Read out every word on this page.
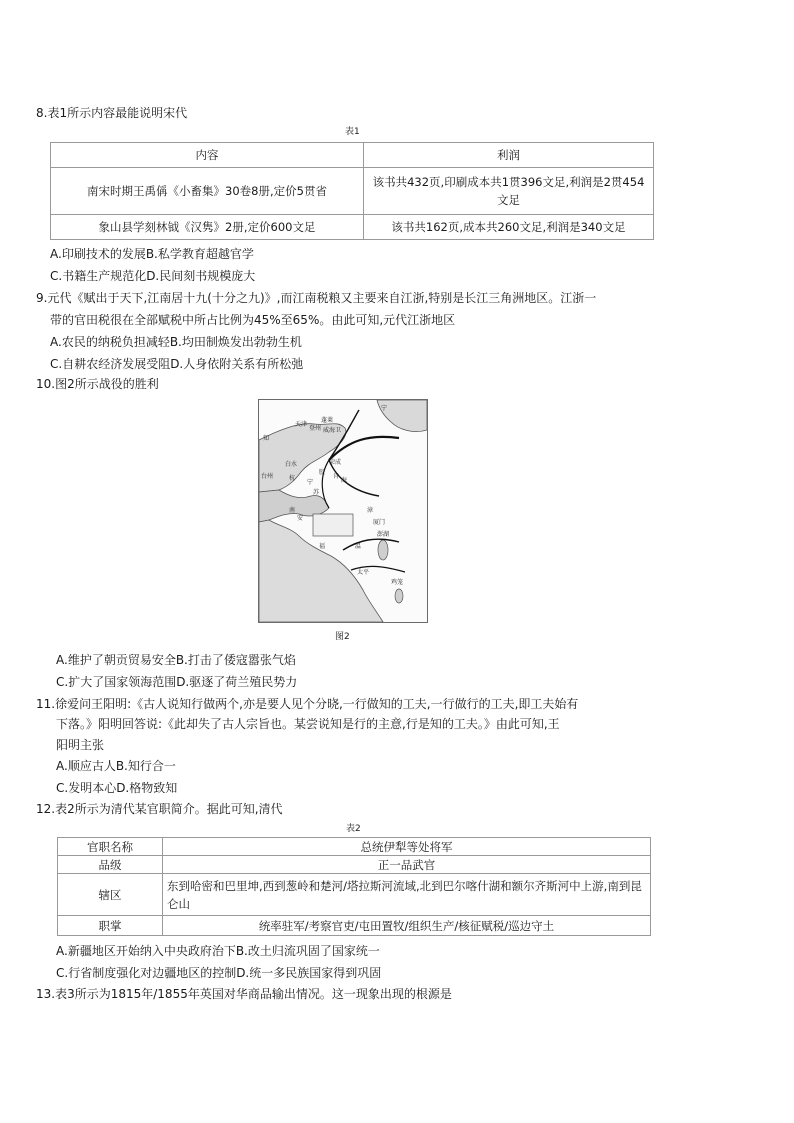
8.表1所示内容最能说明宋代
表1
内容	利润
南宋时期王禹偁《小畜集》30卷8册,定价5贯省	该书共432页,印刷成本共1贯396文足,利润是2贯454文足
象山县学刻林钺《汉隽》2册,定价600文足	该书共162页,成本共260文足,利润是340文足
A.印刷技术的发展B.私学教育超越官学
C.书籍生产规范化D.民间刻书规模庞大
9.元代《赋出于天下,江南居十九(十分之九)》,而江南税粮又主要来自江浙,特别是长江三角洲地区。江浙一
带的官田税很在全部赋税中所占比例为45%至65%。由此可知,元代江浙地区
A.农民的纳税负担减轻B.均田制焕发出勃勃生机
C.自耕农经济发展受阻D.人身依附关系有所松弛
10.图2所示战役的胜利
宁
蓬莱
登州 威海 卫
天津
知
荣成
白水
胶
肯
海
台州	杭
宁
苏
安
南
温
福
漳
厦门
澎湖
太平
鸡笼
图2
A.维护了朝贡贸易安全B.打击了倭寇嚣张气焰
C.扩大了国家领海范围D.驱逐了荷兰殖民势力
11.徐爱问王阳明:《古人说知行做两个,亦是要人见个分晓,一行做知的工夫,一行做行的工夫,即工夫始有
下落。》阳明回答说:《此却失了古人宗旨也。某尝说知是行的主意,行是知的工夫。》由此可知,王
阳明主张
A.顺应古人B.知行合一
C.发明本心D.格物致知
12.表2所示为清代某官职简介。据此可知,清代
表2
官职名称	总统伊犁等处将军
品级	正一品武官
辖区	东到哈密和巴里坤,西到葱岭和楚河/塔拉斯河流域,北到巴尔喀什湖和额尔齐斯河中上游,南到昆仑山
职掌	统率驻军/考察官吏/屯田置牧/组织生产/核征赋税/巡边守土
A.新疆地区开始纳入中央政府治下B.改土归流巩固了国家统一
C.行省制度强化对边疆地区的控制D.统一多民族国家得到巩固
13.表3所示为1815年/1855年英国对华商品输出情况。这一现象出现的根源是
